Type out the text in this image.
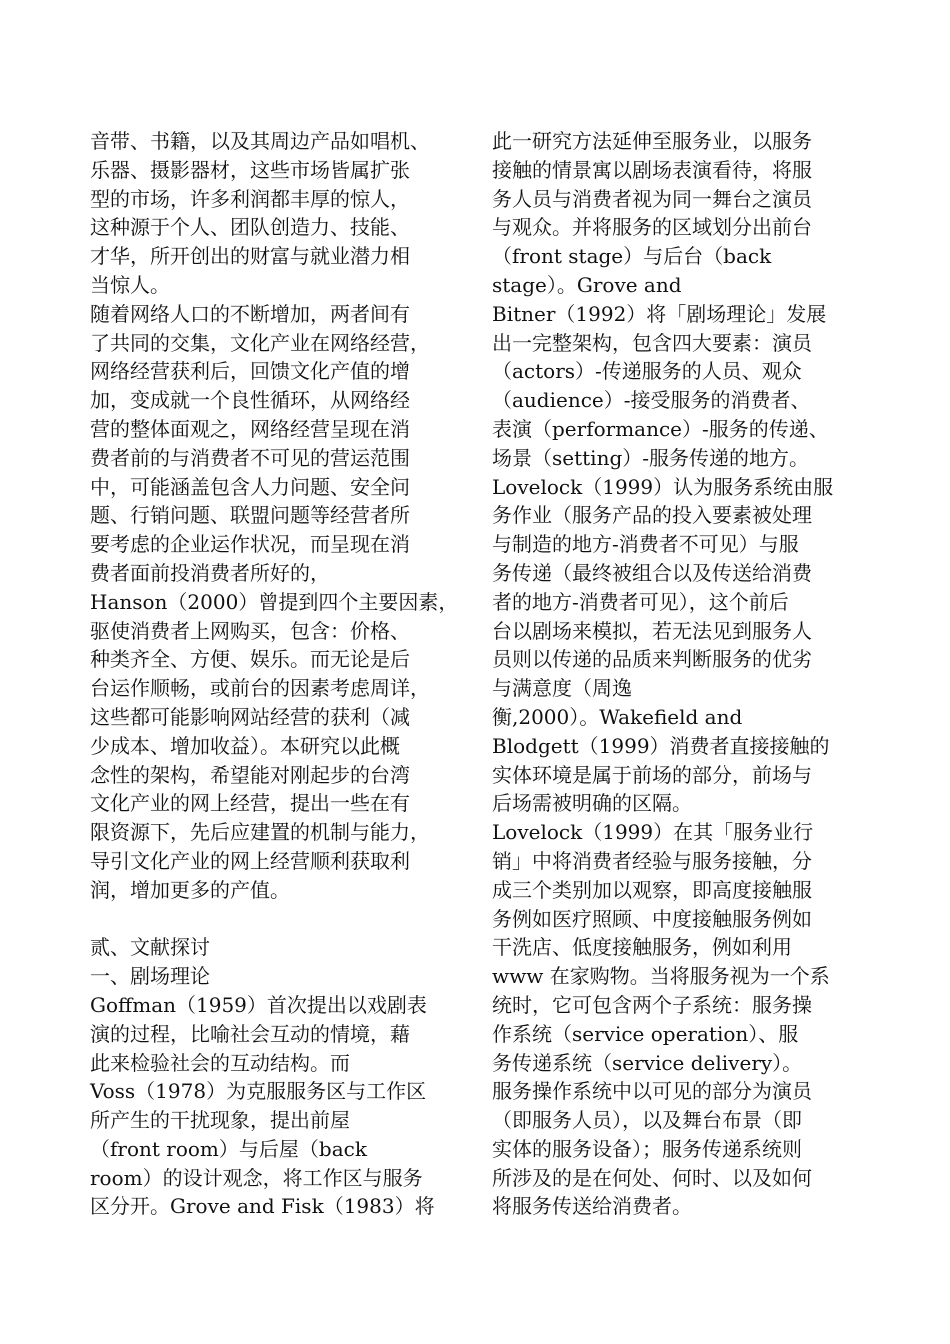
音带、书籍，以及其周边产品如唱机、
乐器、摄影器材，这些市场皆属扩张
型的市场，许多利润都丰厚的惊人，
这种源于个人、团队创造力、技能、
才华，所开创出的财富与就业潜力相
当惊人。
随着网络人口的不断增加，两者间有
了共同的交集，文化产业在网络经营，
网络经营获利后，回馈文化产值的增
加，变成就一个良性循环，从网络经
营的整体面观之，网络经营呈现在消
费者前的与消费者不可见的营运范围
中，可能涵盖包含人力问题、安全问
题、行销问题、联盟问题等经营者所
要考虑的企业运作状况，而呈现在消
费者面前投消费者所好的，
Hanson（2000）曾提到四个主要因素，
驱使消费者上网购买，包含：价格、
种类齐全、方便、娱乐。而无论是后
台运作顺畅，或前台的因素考虑周详，
这些都可能影响网站经营的获利（减
少成本、增加收益）。本研究以此概
念性的架构，希望能对刚起步的台湾
文化产业的网上经营，提出一些在有
限资源下，先后应建置的机制与能力，
导引文化产业的网上经营顺利获取利
润，增加更多的产值。
贰、文献探讨
一、剧场理论
Goffman（1959）首次提出以戏剧表
演的过程，比喻社会互动的情境，藉
此来检验社会的互动结构。而
Voss（1978）为克服服务区与工作区
所产生的干扰现象，提出前屋
（front room）与后屋（back
room）的设计观念，将工作区与服务
区分开。Grove and Fisk（1983）将
此一研究方法延伸至服务业，以服务
接触的情景寓以剧场表演看待，将服
务人员与消费者视为同一舞台之演员
与观众。并将服务的区域划分出前台
（front stage）与后台（back
stage）。Grove and
Bitner（1992）将「剧场理论」发展
出一完整架构，包含四大要素：演员
（actors）-传递服务的人员、观众
（audience）-接受服务的消费者、
表演（performance）-服务的传递、
场景（setting）-服务传递的地方。
Lovelock（1999）认为服务系统由服
务作业（服务产品的投入要素被处理
与制造的地方-消费者不可见）与服
务传递（最终被组合以及传送给消费
者的地方-消费者可见），这个前后
台以剧场来模拟，若无法见到服务人
员则以传递的品质来判断服务的优劣
与满意度（周逸
衡,2000）。Wakefield and
Blodgett（1999）消费者直接接触的
实体环境是属于前场的部分，前场与
后场需被明确的区隔。
Lovelock（1999）在其「服务业行
销」中将消费者经验与服务接触，分
成三个类别加以观察，即高度接触服
务例如医疗照顾、中度接触服务例如
干洗店、低度接触服务，例如利用
www 在家购物。当将服务视为一个系
统时，它可包含两个子系统：服务操
作系统（service operation）、服
务传递系统（service delivery）。
服务操作系统中以可见的部分为演员
（即服务人员），以及舞台布景（即
实体的服务设备）；服务传递系统则
所涉及的是在何处、何时、以及如何
将服务传送给消费者。
